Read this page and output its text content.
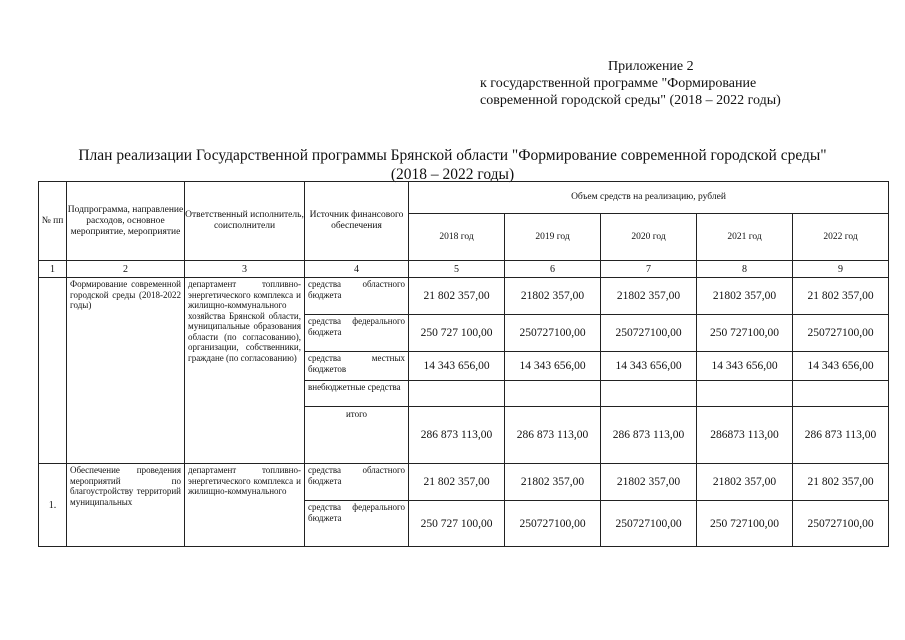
Приложение 2
к государственной программе "Формирование
современной городской среды" (2018 – 2022 годы)
План реализации Государственной программы Брянской области "Формирование современной городской среды"
(2018 – 2022 годы)
№ пп	Подпрограмма, направление расходов, основное мероприятие, мероприятие	Ответственный исполнитель, соисполнители	Источник финансового обеспечения	Объем средств на реализацию, рублей				
				2018 год	2019 год	2020 год	2021 год	2022 год
1	2	3	4	5	6	7	8	9
	Формирование современной городской среды (2018-2022 годы)	департамент топливно-энергетического комплекса и жилищно-коммунального хозяйства Брянской области, муниципальные образования области (по согласованию), организации, собственники, граждане (по согласованию)	средства областного бюджета	21 802 357,00	21802 357,00	21802 357,00	21802 357,00	21 802 357,00
			средства федерального бюджета	250 727 100,00	250727100,00	250727100,00	250 727100,00	250727100,00
			средства местных бюджетов	14 343 656,00	14 343 656,00	14 343 656,00	14 343 656,00	14 343 656,00
			внебюджетные средства					
			итого	286 873 113,00	286 873 113,00	286 873 113,00	286873 113,00	286 873 113,00
1.	Обеспечение проведения мероприятий по благоустройству территорий муниципальных	департамент топливно-энергетического комплекса и жилищно-коммунального	средства областного бюджета	21 802 357,00	21802 357,00	21802 357,00	21802 357,00	21 802 357,00
			средства федерального бюджета	250 727 100,00	250727100,00	250727100,00	250 727100,00	250727100,00
